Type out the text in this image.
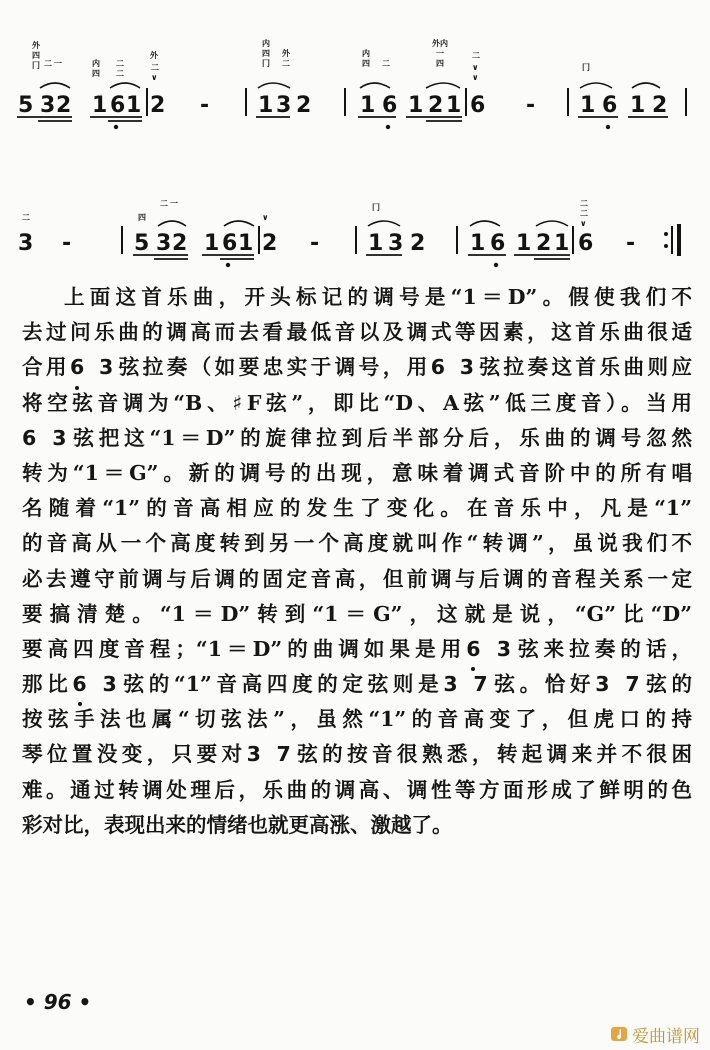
5 3 2 1 6 1
外
四
冂 二 一	内
四
二
二
外
二
∨
2 -
内
四
冂
外
二
1 3 2
内
四 二
外内
一
四
1 6 1 2 1
二
∨
∨
6 -
冂
1 6 1 2
二
3 -
四
二 一
5 3 2 1 6 1
∨
2 -
冂
1 3 2 1 6 1 2 1
二
二
∨
6 -
上面这首乐曲，开头标记的调号是“1＝D”。假使我们不
去过问乐曲的调高而去看最低音以及调式等因素，这首乐曲很适
合用6 3弦拉奏（如要忠实于调号，用6 3弦拉奏这首乐曲则应
将空弦音调为“B、♯F弦”，即比“D、A弦”低三度音）。当用
6 3弦把这“1＝D”的旋律拉到后半部分后，乐曲的调号忽然
转为“1＝G”。新的调号的出现，意味着调式音阶中的所有唱
名随着“1”的音高相应的发生了变化。在音乐中，凡是“1”
的音高从一个高度转到另一个高度就叫作“转调”，虽说我们不
必去遵守前调与后调的固定音高，但前调与后调的音程关系一定
要搞清楚。“1＝D”转到“1＝G”，这就是说，“G”比“D”
要高四度音程；“1＝D”的曲调如果是用6 3弦来拉奏的话，
那比6 3弦的“1”音高四度的定弦则是3 7弦。恰好3 7弦的
按弦手法也属“切弦法”，虽然“1”的音高变了，但虎口的持
琴位置没变，只要对3 7弦的按音很熟悉，转起调来并不很困
难。通过转调处理后，乐曲的调高、调性等方面形成了鲜明的色
彩对比，表现出来的情绪也就更高涨、激越了。
• 96 •
爱曲谱网
